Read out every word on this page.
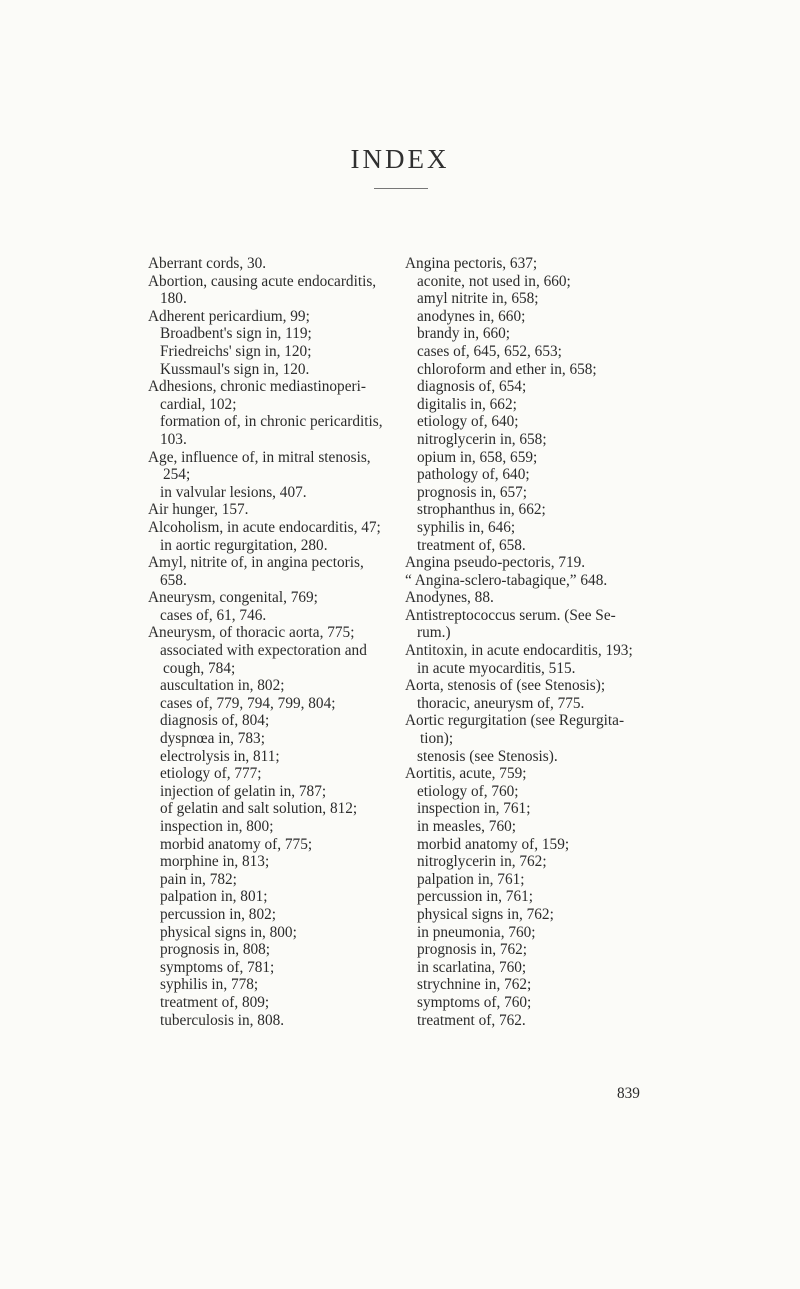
INDEX
Aberrant cords, 30.
Abortion, causing acute endocarditis,
180.
Adherent pericardium, 99;
Broadbent's sign in, 119;
Friedreichs' sign in, 120;
Kussmaul's sign in, 120.
Adhesions, chronic mediastinoperi-
cardial, 102;
formation of, in chronic pericarditis,
103.
Age, influence of, in mitral stenosis,
254;
in valvular lesions, 407.
Air hunger, 157.
Alcoholism, in acute endocarditis, 47;
in aortic regurgitation, 280.
Amyl, nitrite of, in angina pectoris,
658.
Aneurysm, congenital, 769;
cases of, 61, 746.
Aneurysm, of thoracic aorta, 775;
associated with expectoration and
cough, 784;
auscultation in, 802;
cases of, 779, 794, 799, 804;
diagnosis of, 804;
dyspnœa in, 783;
electrolysis in, 811;
etiology of, 777;
injection of gelatin in, 787;
of gelatin and salt solution, 812;
inspection in, 800;
morbid anatomy of, 775;
morphine in, 813;
pain in, 782;
palpation in, 801;
percussion in, 802;
physical signs in, 800;
prognosis in, 808;
symptoms of, 781;
syphilis in, 778;
treatment of, 809;
tuberculosis in, 808.
Angina pectoris, 637;
aconite, not used in, 660;
amyl nitrite in, 658;
anodynes in, 660;
brandy in, 660;
cases of, 645, 652, 653;
chloroform and ether in, 658;
diagnosis of, 654;
digitalis in, 662;
etiology of, 640;
nitroglycerin in, 658;
opium in, 658, 659;
pathology of, 640;
prognosis in, 657;
strophanthus in, 662;
syphilis in, 646;
treatment of, 658.
Angina pseudo-pectoris, 719.
“ Angina-sclero-tabagique,” 648.
Anodynes, 88.
Antistreptococcus serum. (See Se-
rum.)
Antitoxin, in acute endocarditis, 193;
in acute myocarditis, 515.
Aorta, stenosis of (see Stenosis);
thoracic, aneurysm of, 775.
Aortic regurgitation (see Regurgita-
tion);
stenosis (see Stenosis).
Aortitis, acute, 759;
etiology of, 760;
inspection in, 761;
in measles, 760;
morbid anatomy of, 159;
nitroglycerin in, 762;
palpation in, 761;
percussion in, 761;
physical signs in, 762;
in pneumonia, 760;
prognosis in, 762;
in scarlatina, 760;
strychnine in, 762;
symptoms of, 760;
treatment of, 762.
839
